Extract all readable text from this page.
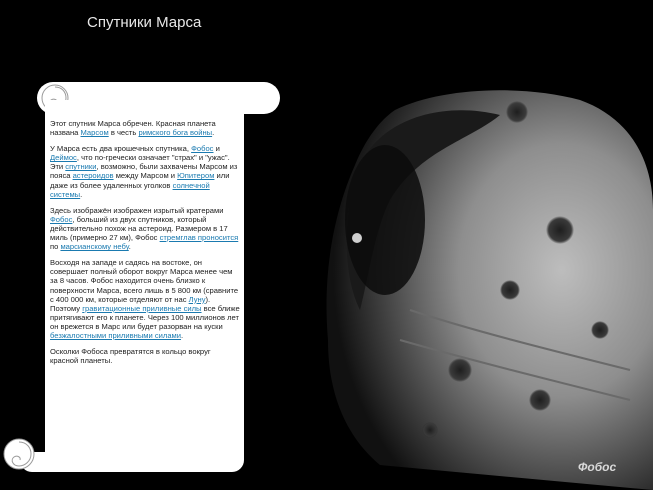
Спутники Марса
Фобос

Этот спутник Марса обречен. Красная планета названа Марсом в честь римского бога войны.

У Марса есть два крошечных спутника, Фобос и Деймос, что по-гречески означает "страх" и "ужас". Эти спутники, возможно, были захвачены Марсом из пояса астероидов между Марсом и Юпитером или даже из более удаленных уголков солнечной системы.

Здесь изображён изображен изрытый кратерами Фобос, больший из двух спутников, который действительно похож на астероид. Размером в 17 миль (примерно 27 км), Фобос стремглав проносится по марсианскому небу.

Восходя на западе и садясь на востоке, он совершает полный оборот вокруг Марса менее чем за 8 часов. Фобос находится очень близко к поверхности Марса, всего лишь в 5 800 км (сравните с 400 000 км, которые отделяют от нас Луну). Поэтому гравитационные приливные силы все ближе притягивают его к планете. Через 100 миллионов лет он врежется в Марс или будет разорван на куски безжалостными приливными силами.

Осколки Фобоса превратятся в кольцо вокруг красной планеты.
